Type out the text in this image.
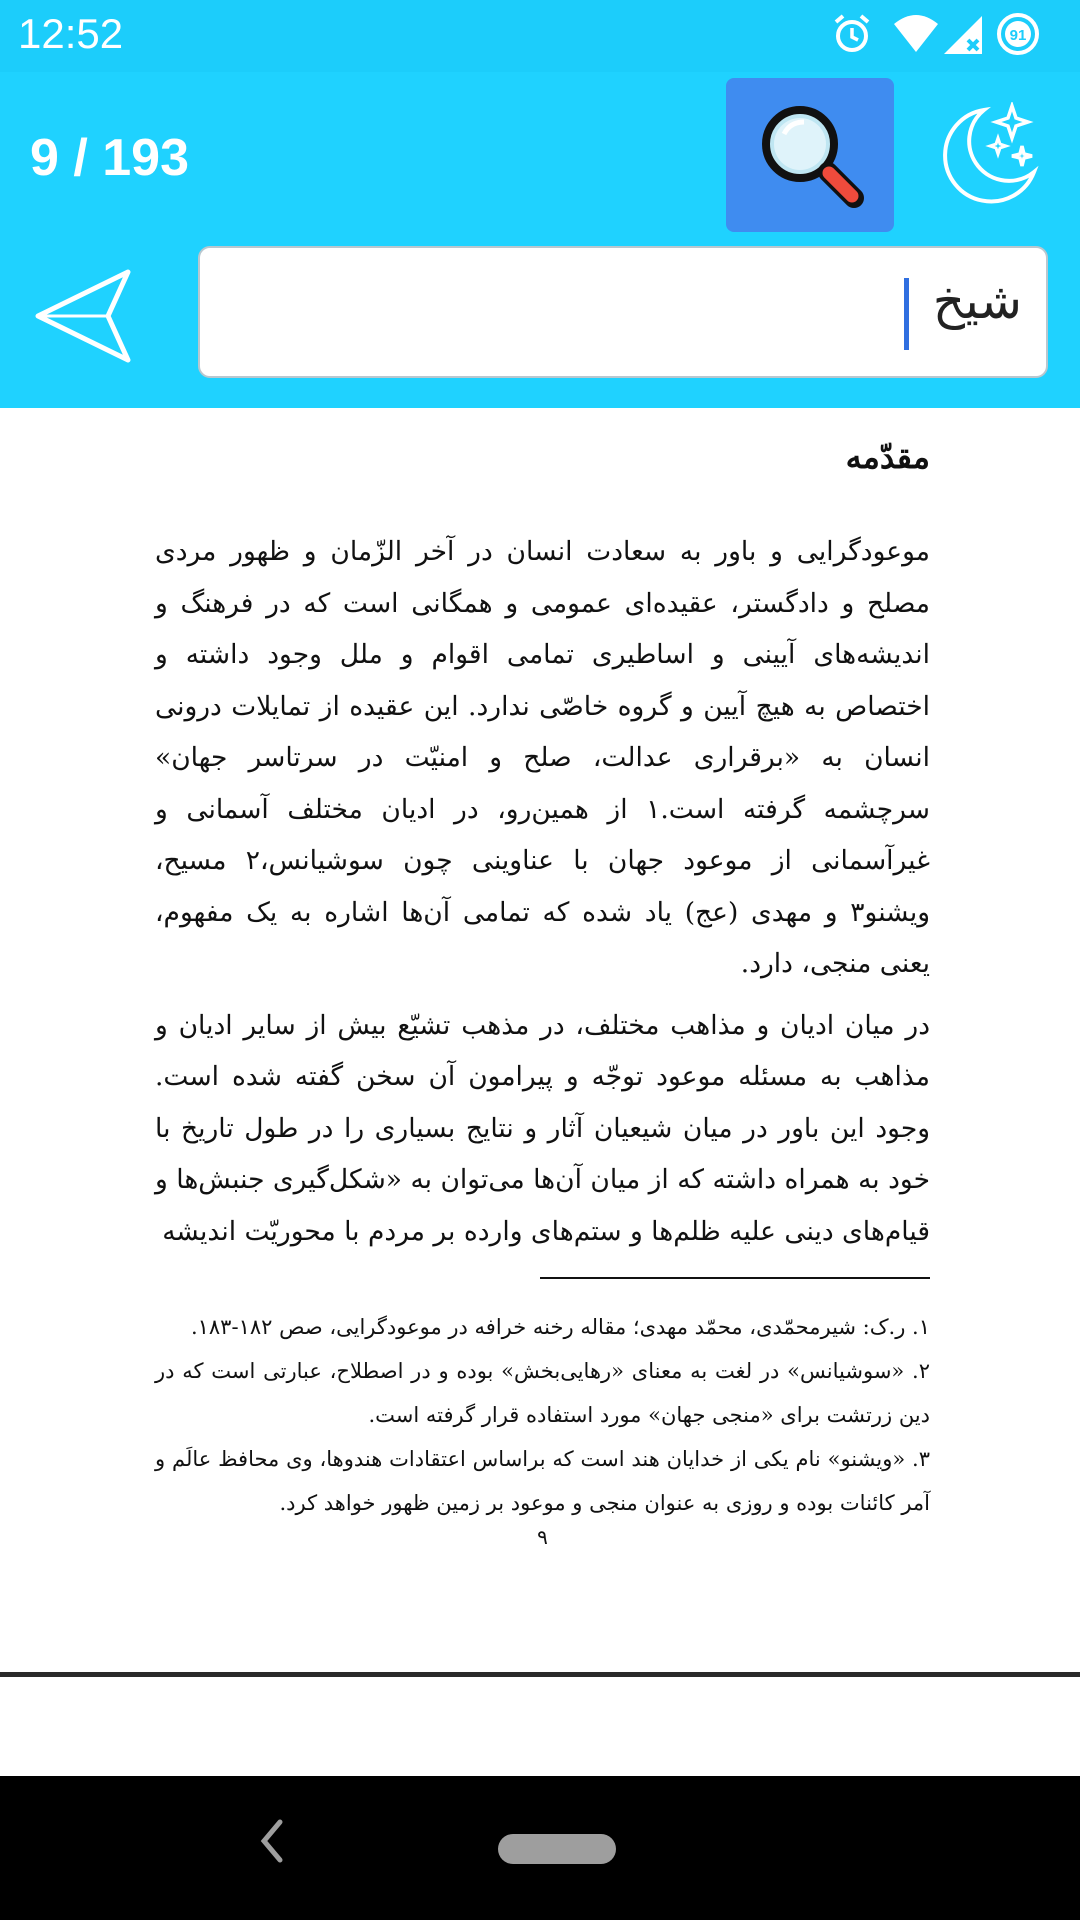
12:52	91
9 / 193
شیخ
مقدّمه

موعودگرایی و باور به سعادت انسان در آخر الزّمان و ظهور مردی مصلح و دادگستر، عقیده‌ای عمومی و همگانی است که در فرهنگ و اندیشه‌های آیینی و اساطیری تمامی اقوام و ملل وجود داشته و اختصاص به هیچ آیین و گروه خاصّی ندارد. این عقیده از تمایلات درونی انسان به «برقراری عدالت، صلح و امنیّت در سرتاسر جهان» سرچشمه گرفته است.۱ از همین‌رو، در ادیان مختلف آسمانی و غیرآسمانی از موعود جهان با عناوینی چون سوشیانس،۲ مسیح، ویشنو۳ و مهدی (عج) یاد شده که تمامی آن‌ها اشاره به یک مفهوم، یعنی منجی، دارد.

در میان ادیان و مذاهب مختلف، در مذهب تشیّع بیش از سایر ادیان و مذاهب به مسئله موعود توجّه و پیرامون آن سخن گفته شده است. وجود این باور در میان شیعیان آثار و نتایج بسیاری را در طول تاریخ با خود به همراه داشته که از میان آن‌ها می‌توان به «شکل‌گیری جنبش‌ها و قیام‌های دینی علیه ظلم‌ها و ستم‌های وارده بر مردم با محوریّت اندیشه

۱. ر.ک: شیرمحمّدی، محمّد مهدی؛ مقاله رخنه خرافه در موعودگرایی، صص ۱۸۲-۱۸۳.

۲. «سوشیانس» در لغت به معنای «رهایی‌بخش» بوده و در اصطلاح، عبارتی است که در دین زرتشت برای «منجی جهان» مورد استفاده قرار گرفته است.

۳. «ویشنو» نام یکی از خدایان هند است که براساس اعتقادات هندوها، وی محافظ عالَم و آمر کائنات بوده و روزی به عنوان منجی و موعود بر زمین ظهور خواهد کرد.

۹
